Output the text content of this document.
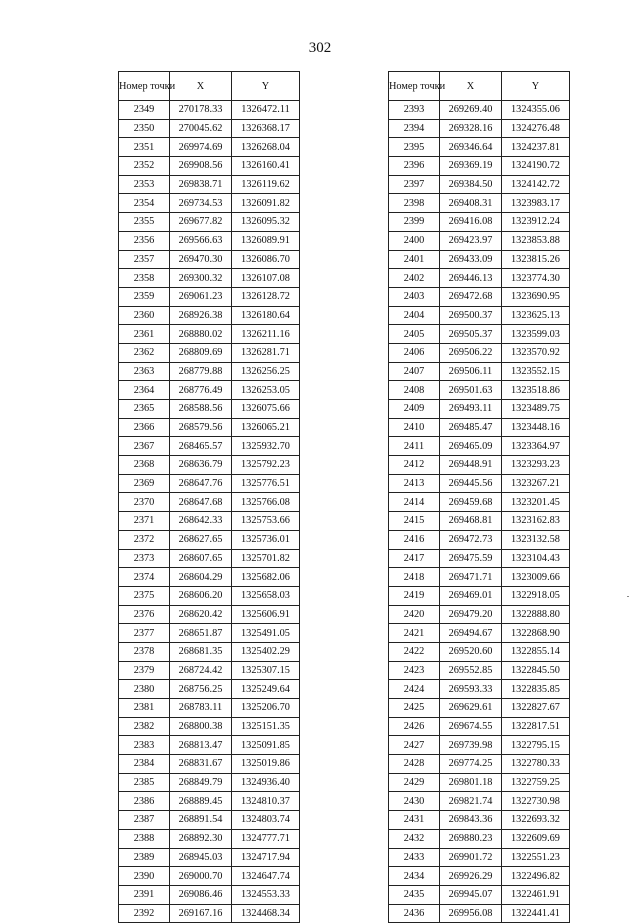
302
Номер точки	X	Y
2349	270178.33	1326472.11
2350	270045.62	1326368.17
2351	269974.69	1326268.04
2352	269908.56	1326160.41
2353	269838.71	1326119.62
2354	269734.53	1326091.82
2355	269677.82	1326095.32
2356	269566.63	1326089.91
2357	269470.30	1326086.70
2358	269300.32	1326107.08
2359	269061.23	1326128.72
2360	268926.38	1326180.64
2361	268880.02	1326211.16
2362	268809.69	1326281.71
2363	268779.88	1326256.25
2364	268776.49	1326253.05
2365	268588.56	1326075.66
2366	268579.56	1326065.21
2367	268465.57	1325932.70
2368	268636.79	1325792.23
2369	268647.76	1325776.51
2370	268647.68	1325766.08
2371	268642.33	1325753.66
2372	268627.65	1325736.01
2373	268607.65	1325701.82
2374	268604.29	1325682.06
2375	268606.20	1325658.03
2376	268620.42	1325606.91
2377	268651.87	1325491.05
2378	268681.35	1325402.29
2379	268724.42	1325307.15
2380	268756.25	1325249.64
2381	268783.11	1325206.70
2382	268800.38	1325151.35
2383	268813.47	1325091.85
2384	268831.67	1325019.86
2385	268849.79	1324936.40
2386	268889.45	1324810.37
2387	268891.54	1324803.74
2388	268892.30	1324777.71
2389	268945.03	1324717.94
2390	269000.70	1324647.74
2391	269086.46	1324553.33
2392	269167.16	1324468.34
Номер точки	X	Y
2393	269269.40	1324355.06
2394	269328.16	1324276.48
2395	269346.64	1324237.81
2396	269369.19	1324190.72
2397	269384.50	1324142.72
2398	269408.31	1323983.17
2399	269416.08	1323912.24
2400	269423.97	1323853.88
2401	269433.09	1323815.26
2402	269446.13	1323774.30
2403	269472.68	1323690.95
2404	269500.37	1323625.13
2405	269505.37	1323599.03
2406	269506.22	1323570.92
2407	269506.11	1323552.15
2408	269501.63	1323518.86
2409	269493.11	1323489.75
2410	269485.47	1323448.16
2411	269465.09	1323364.97
2412	269448.91	1323293.23
2413	269445.56	1323267.21
2414	269459.68	1323201.45
2415	269468.81	1323162.83
2416	269472.73	1323132.58
2417	269475.59	1323104.43
2418	269471.71	1323009.66
2419	269469.01	1322918.05
2420	269479.20	1322888.80
2421	269494.67	1322868.90
2422	269520.60	1322855.14
2423	269552.85	1322845.50
2424	269593.33	1322835.85
2425	269629.61	1322827.67
2426	269674.55	1322817.51
2427	269739.98	1322795.15
2428	269774.25	1322780.33
2429	269801.18	1322759.25
2430	269821.74	1322730.98
2431	269843.36	1322693.32
2432	269880.23	1322609.69
2433	269901.72	1322551.23
2434	269926.29	1322496.82
2435	269945.07	1322461.91
2436	269956.08	1322441.41
